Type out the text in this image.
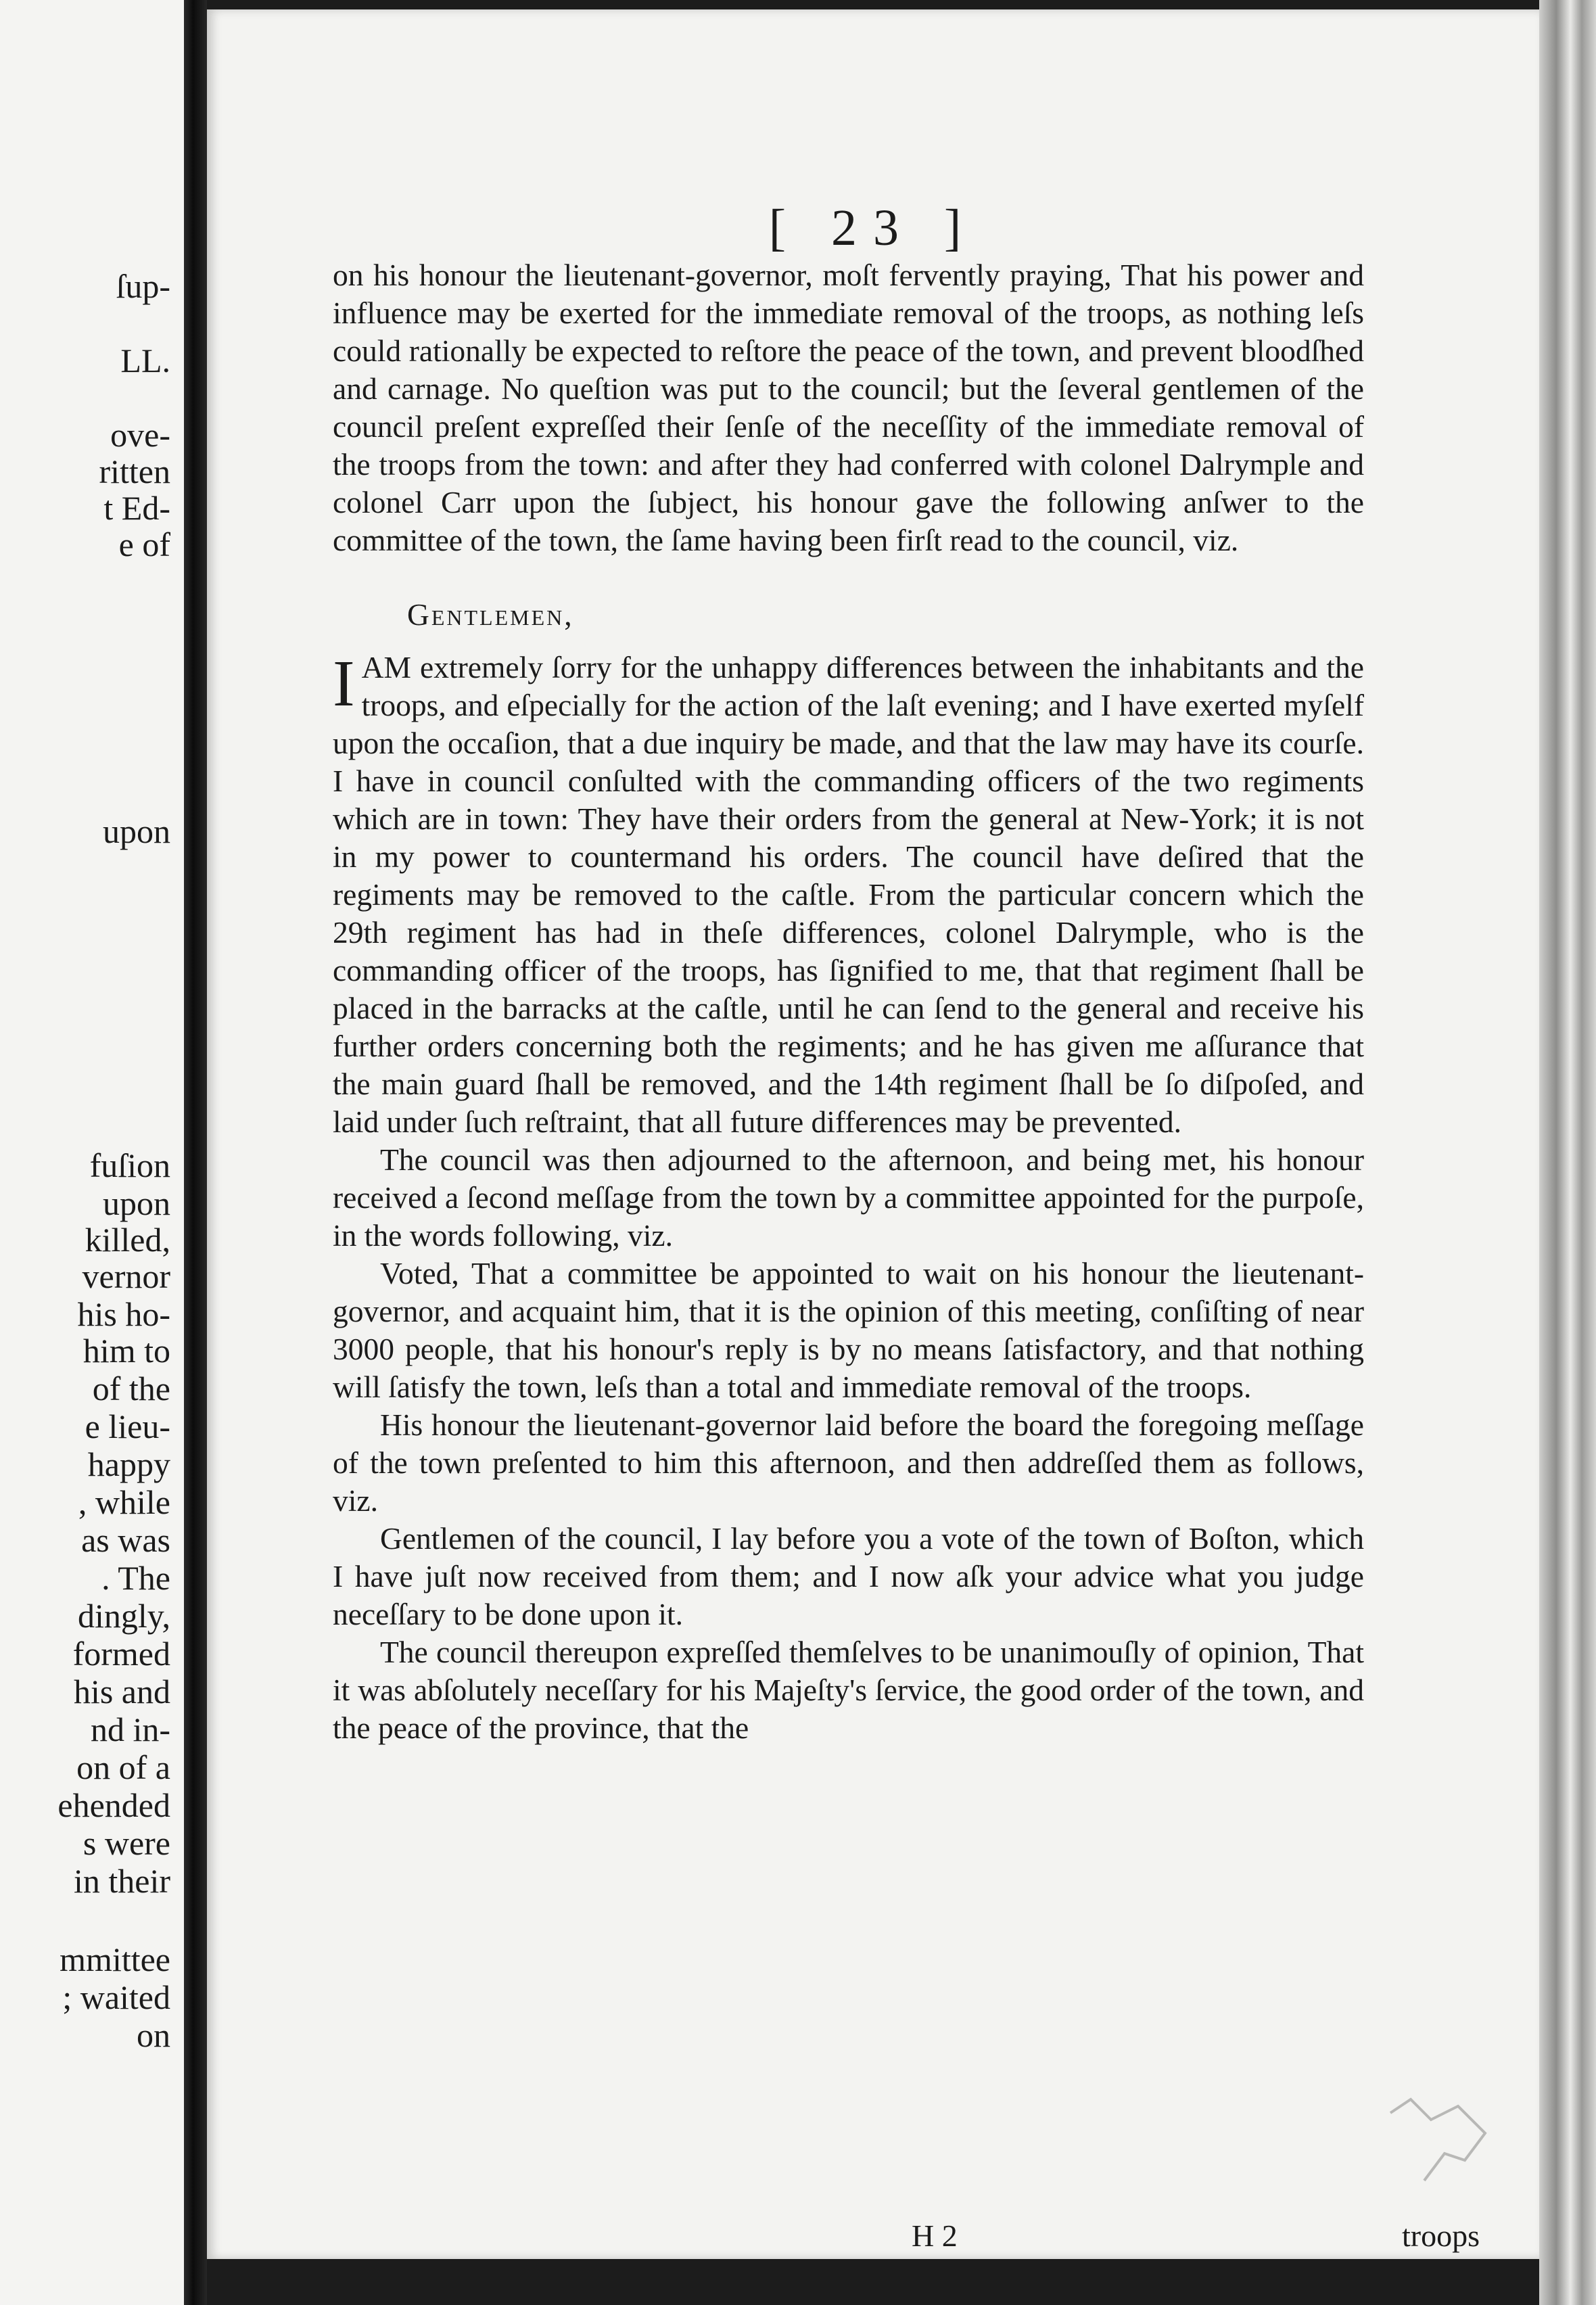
ſup-
LL.
ove-
ritten
t Ed-
e of
upon
fuſion
upon
killed,
vernor
his ho-
him to
of the
e lieu-
happy
, while
as was
. The
dingly,
formed
his and
nd in-
on of a
ehended
s were
in their
mmittee
; waited
on
[ 23 ]

on his honour the lieutenant-governor, moſt fervently praying, That his power and influence may be exerted for the immediate removal of the troops, as nothing leſs could rationally be expected to reſtore the peace of the town, and prevent bloodſhed and carnage. No queſtion was put to the council; but the ſeveral gentlemen of the council preſent expreſſed their ſenſe of the neceſſity of the immediate removal of the troops from the town: and after they had conferred with colonel Dalrymple and colonel Carr upon the ſubject, his honour gave the following anſwer to the committee of the town, the ſame having been firſt read to the council, viz.

Gentlemen,

IAM extremely ſorry for the unhappy differences between the inhabitants and the troops, and eſpecially for the action of the laſt evening; and I have exerted myſelf upon the occaſion, that a due inquiry be made, and that the law may have its courſe. I have in council conſulted with the commanding officers of the two regiments which are in town: They have their orders from the general at New-York; it is not in my power to countermand his orders. The council have deſired that the regiments may be removed to the caſtle. From the particular concern which the 29th regiment has had in theſe differences, colonel Dalrymple, who is the commanding officer of the troops, has ſignified to me, that that regiment ſhall be placed in the barracks at the caſtle, until he can ſend to the general and receive his further orders concerning both the regiments; and he has given me aſſurance that the main guard ſhall be removed, and the 14th regiment ſhall be ſo diſpoſed, and laid under ſuch reſtraint, that all future differences may be prevented.

The council was then adjourned to the afternoon, and being met, his honour received a ſecond meſſage from the town by a committee appointed for the purpoſe, in the words following, viz.

Voted, That a committee be appointed to wait on his honour the lieutenant-governor, and acquaint him, that it is the opinion of this meeting, conſiſting of near 3000 people, that his honour's reply is by no means ſatisfactory, and that nothing will ſatisfy the town, leſs than a total and immediate removal of the troops.

His honour the lieutenant-governor laid before the board the foregoing meſſage of the town preſented to him this afternoon, and then addreſſed them as follows, viz.

Gentlemen of the council, I lay before you a vote of the town of Boſton, which I have juſt now received from them; and I now aſk your advice what you judge neceſſary to be done upon it.

The council thereupon expreſſed themſelves to be unanimouſly of opinion, That it was abſolutely neceſſary for his Majeſty's ſervice, the good order of the town, and the peace of the province, that the

H 2	troops
